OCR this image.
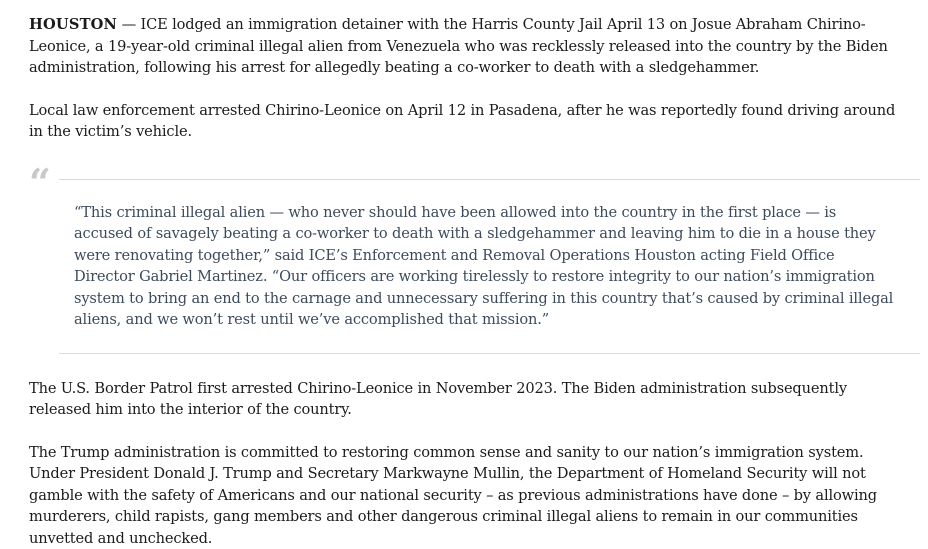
HOUSTON — ICE lodged an immigration detainer with the Harris County Jail April 13 on Josue Abraham Chirino-Leonice, a 19-year-old criminal illegal alien from Venezuela who was recklessly released into the country by the Biden administration, following his arrest for allegedly beating a co-worker to death with a sledgehammer.

Local law enforcement arrested Chirino-Leonice on April 12 in Pasadena, after he was reportedly found driving around in the victim’s vehicle.

“

“This criminal illegal alien — who never should have been allowed into the country in the first place — is accused of savagely beating a co-worker to death with a sledgehammer and leaving him to die in a house they were renovating together,” said ICE’s Enforcement and Removal Operations Houston acting Field Office Director Gabriel Martinez. “Our officers are working tirelessly to restore integrity to our nation’s immigration system to bring an end to the carnage and unnecessary suffering in this country that’s caused by criminal illegal aliens, and we won’t rest until we’ve accomplished that mission.”

The U.S. Border Patrol first arrested Chirino-Leonice in November 2023. The Biden administration subsequently released him into the interior of the country.

The Trump administration is committed to restoring common sense and sanity to our nation’s immigration system. Under President Donald J. Trump and Secretary Markwayne Mullin, the Department of Homeland Security will not gamble with the safety of Americans and our national security – as previous administrations have done – by allowing murderers, child rapists, gang members and other dangerous criminal illegal aliens to remain in our communities unvetted and unchecked.
